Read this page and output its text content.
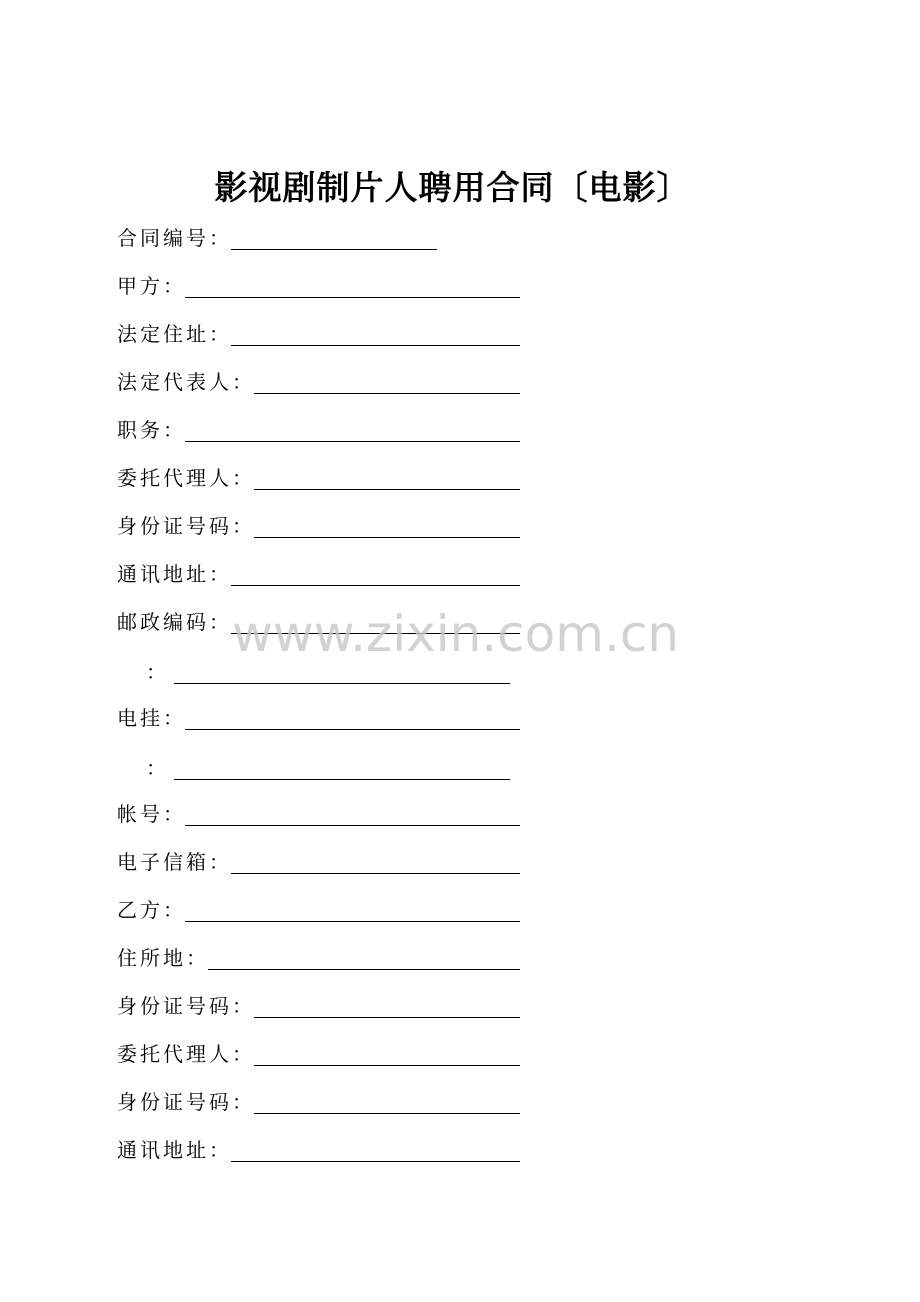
影视剧制片人聘用合同〔电影〕
合同编号：
甲方：
法定住址：
法定代表人：
职务：
委托代理人：
身份证号码：
通讯地址：
邮政编码：
：
电挂：
：
帐号：
电子信箱：
乙方：
住所地：
身份证号码：
委托代理人：
身份证号码：
通讯地址：
www.zixin.com.cn
